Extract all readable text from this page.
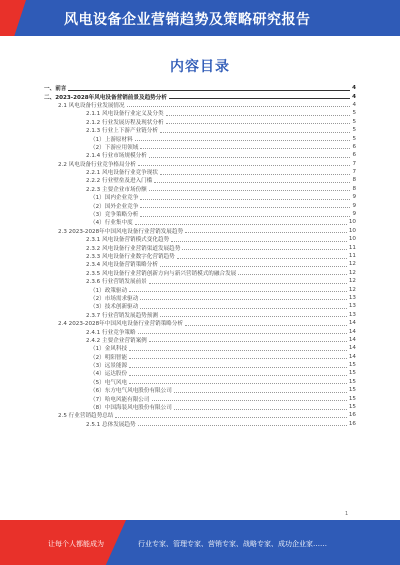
风电设备企业营销趋势及策略研究报告
内容目录
一、前言	4
二、2023-2028年风电设备营销前景及趋势分析	4
2.1 风电设备行业发展情况	4
2.1.1 风电设备行业定义及分类	5
2.1.2 行业发展历程及现状分析	5
2.1.3 行业上下游产业链分析	5
（1）上游原材料	5
（2）下游应用领域	6
2.1.4 行业市场规模分析	6
2.2 风电设备行业竞争格局分析	7
2.2.1 风电设备行业竞争现状	7
2.2.2 行业壁垒及进入门槛	8
2.2.3 主要企业市场份额	8
（1）国内企业竞争	9
（2）国外企业竞争	9
（3）竞争策略分析	9
（4）行业集中度	10
2.3 2023-2028年中国风电设备行业营销发展趋势	10
2.3.1 风电设备营销模式变化趋势	10
2.3.2 风电设备行业营销渠道发展趋势	11
2.3.3 风电设备行业数字化营销趋势	11
2.3.4 风电设备营销策略分析	12
2.3.5 风电设备行业营销创新方向与新兴营销模式的融合发展	12
2.3.6 行业营销发展前景	12
（1）政策驱动	12
（2）市场需求驱动	13
（3）技术创新驱动	13
2.3.7 行业营销发展趋势预测	13
2.4 2023-2028年中国风电设备行业营销策略分析	14
2.4.1 行业竞争策略	14
2.4.2 主要企业营销案例	14
（1）金风科技	14
（2）明阳智能	14
（3）远景能源	15
（4）运达股份	15
（5）电气风电	15
（6）东方电气风电股份有限公司	15
（7）哈电风能有限公司	15
（8）中国海装风电股份有限公司	15
2.5 行业营销趋势总结	16
2.5.1 总体发展趋势	16
1
让每个人都能成为	行业专家、管理专家、营销专家、战略专家、成功企业家……
